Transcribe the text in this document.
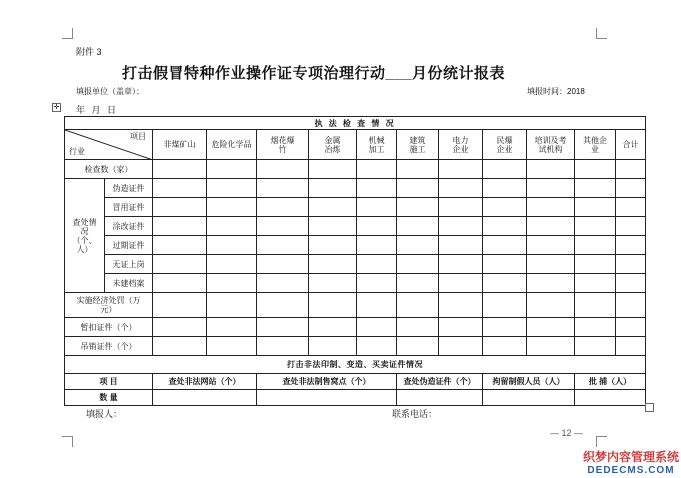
附件 3
打击假冒特种作业操作证专项治理行动___月份统计报表
填报单位（盖章）：	填报时间：2018
✛ 年 月 日
执 法 检 查 情 况												

项目
行业		非煤矿山	危险化学品	烟花爆竹	金属冶炼	机械加工	建筑施工	电力企业	民爆企业	培训及考试机构	其他企业	合计
检查数（家）												
查处情况（个、人）	伪造证件											
	冒用证件											
	涂改证件											
	过期证件											
	无证上岗											
	未建档案											
实施经济处罚（万元）												
暂扣证件（个）												
吊销证件（个）												
打击非法印制、变造、买卖证件情况												
项 目		查处非法网站（个）		查处非法制售窝点（个）			查处伪造证件（个）		拘留制假人员（人）		批 捕（人）	
数 量												
填报人：	联系电话：
— 12 —
织梦内容管理系统
DEDECMS.COM
